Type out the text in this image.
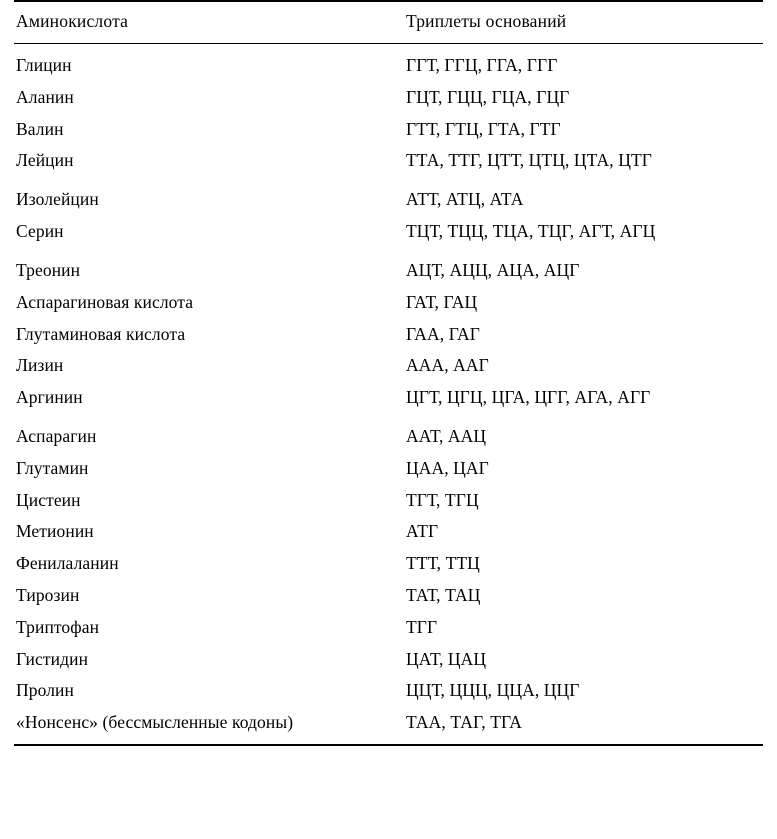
Аминокислота	Триплеты оснований
Глицин	ГГТ, ГГЦ, ГГА, ГГГ
Аланин	ГЦТ, ГЦЦ, ГЦА, ГЦГ
Валин	ГТТ, ГТЦ, ГТА, ГТГ
Лейцин	ТТА, ТТГ, ЦТТ, ЦТЦ, ЦТА, ЦТГ

Изолейцин	АТТ, АТЦ, АТА
Серин	ТЦТ, ТЦЦ, ТЦА, ТЦГ, АГТ, АГЦ

Треонин	АЦТ, АЦЦ, АЦА, АЦГ
Аспарагиновая кислота	ГАТ, ГАЦ
Глутаминовая кислота	ГАА, ГАГ
Лизин	ААА, ААГ
Аргинин	ЦГТ, ЦГЦ, ЦГА, ЦГГ, АГА, АГГ

Аспарагин	ААТ, ААЦ
Глутамин	ЦАА, ЦАГ
Цистеин	ТГТ, ТГЦ
Метионин	АТГ
Фенилаланин	ТТТ, ТТЦ
Тирозин	ТАТ, ТАЦ
Триптофан	ТГГ
Гистидин	ЦАТ, ЦАЦ
Пролин	ЦЦТ, ЦЦЦ, ЦЦА, ЦЦГ
«Нонсенс» (бессмысленные кодоны)	ТАА, ТАГ, ТГА
